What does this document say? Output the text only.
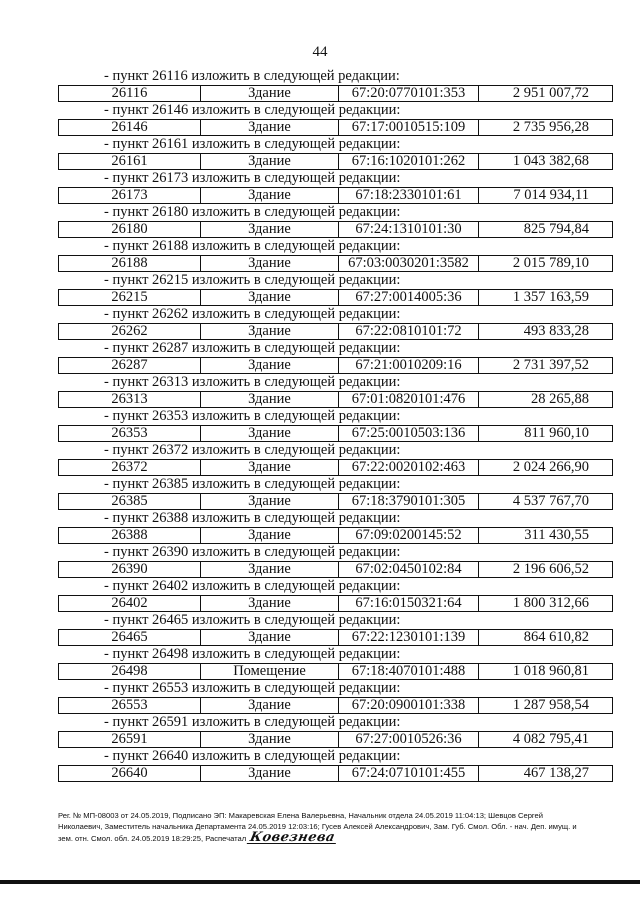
44
- пункт 26116 изложить в следующей редакции:
26116	Здание	67:20:0770101:353	2 951 007,72
- пункт 26146 изложить в следующей редакции:
26146	Здание	67:17:0010515:109	2 735 956,28
- пункт 26161 изложить в следующей редакции:
26161	Здание	67:16:1020101:262	1 043 382,68
- пункт 26173 изложить в следующей редакции:
26173	Здание	67:18:2330101:61	7 014 934,11
- пункт 26180 изложить в следующей редакции:
26180	Здание	67:24:1310101:30	825 794,84
- пункт 26188 изложить в следующей редакции:
26188	Здание	67:03:0030201:3582	2 015 789,10
- пункт 26215 изложить в следующей редакции:
26215	Здание	67:27:0014005:36	1 357 163,59
- пункт 26262 изложить в следующей редакции:
26262	Здание	67:22:0810101:72	493 833,28
- пункт 26287 изложить в следующей редакции:
26287	Здание	67:21:0010209:16	2 731 397,52
- пункт 26313 изложить в следующей редакции:
26313	Здание	67:01:0820101:476	28 265,88
- пункт 26353 изложить в следующей редакции:
26353	Здание	67:25:0010503:136	811 960,10
- пункт 26372 изложить в следующей редакции:
26372	Здание	67:22:0020102:463	2 024 266,90
- пункт 26385 изложить в следующей редакции:
26385	Здание	67:18:3790101:305	4 537 767,70
- пункт 26388 изложить в следующей редакции:
26388	Здание	67:09:0200145:52	311 430,55
- пункт 26390 изложить в следующей редакции:
26390	Здание	67:02:0450102:84	2 196 606,52
- пункт 26402 изложить в следующей редакции:
26402	Здание	67:16:0150321:64	1 800 312,66
- пункт 26465 изложить в следующей редакции:
26465	Здание	67:22:1230101:139	864 610,82
- пункт 26498 изложить в следующей редакции:
26498	Помещение	67:18:4070101:488	1 018 960,81
- пункт 26553 изложить в следующей редакции:
26553	Здание	67:20:0900101:338	1 287 958,54
- пункт 26591 изложить в следующей редакции:
26591	Здание	67:27:0010526:36	4 082 795,41
- пункт 26640 изложить в следующей редакции:
26640	Здание	67:24:0710101:455	467 138,27
Рег. № МП-08003 от 24.05.2019, Подписано ЭП: Макаревская Елена Валерьевна, Начальник отдела 24.05.2019 11:04:13; Шевцов Сергей
Николаевич, Заместитель начальника Департамента 24.05.2019 12:03:16; Гусев Алексей Александрович, Зам. Губ. Смол. Обл. - нач. Деп. имущ. и
зем. отн. Смол. обл. 24.05.2019 18:29:25, Распечатал Ковезневa
